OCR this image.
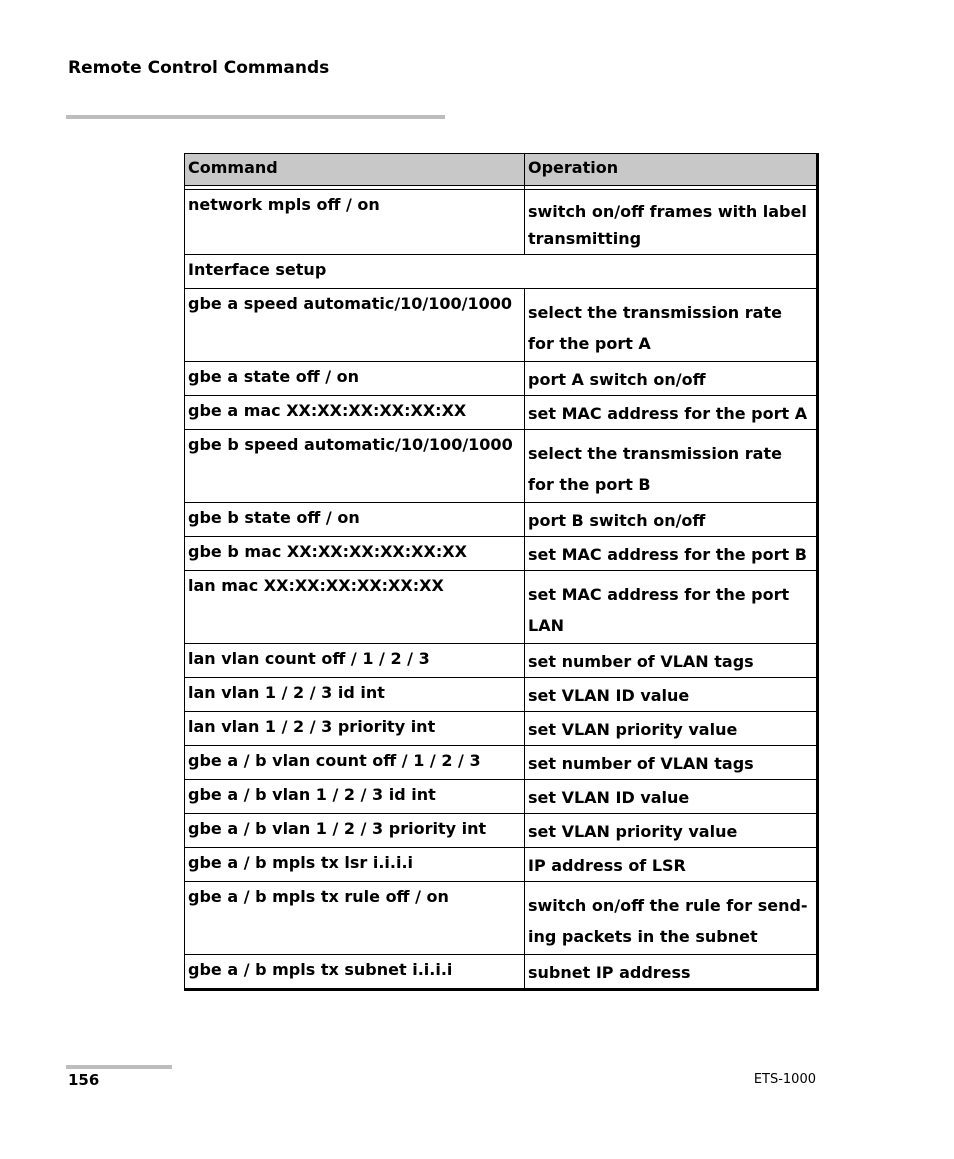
Remote Control Commands
Command	Operation

network mpls off / on	switch on/off frames with label transmitting
Interface setup	
gbe a speed automatic/10/100/1000	select the transmission rate for the port A
gbe a state off / on	port A switch on/off
gbe a mac XX:XX:XX:XX:XX:XX	set MAC address for the port A
gbe b speed automatic/10/100/1000	select the transmission rate for the port B
gbe b state off / on	port B switch on/off
gbe b mac XX:XX:XX:XX:XX:XX	set MAC address for the port B
lan mac XX:XX:XX:XX:XX:XX	set MAC address for the port LAN
lan vlan count off / 1 / 2 / 3	set number of VLAN tags
lan vlan 1 / 2 / 3 id int	set VLAN ID value
lan vlan 1 / 2 / 3 priority int	set VLAN priority value
gbe a / b vlan count off / 1 / 2 / 3	set number of VLAN tags
gbe a / b vlan 1 / 2 / 3 id int	set VLAN ID value
gbe a / b vlan 1 / 2 / 3 priority int	set VLAN priority value
gbe a / b mpls tx lsr i.i.i.i	IP address of LSR
gbe a / b mpls tx rule off / on	switch on/off the rule for send-ing packets in the subnet
gbe a / b mpls tx subnet i.i.i.i	subnet IP address
156	ETS-1000
